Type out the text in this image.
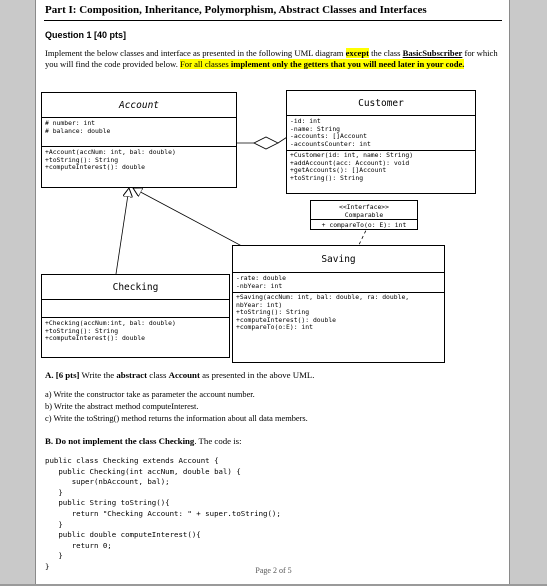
Part I: Composition, Inheritance, Polymorphism, Abstract Classes and Interfaces
Question 1 [40 pts]
Implement the below classes and interface as presented in the following UML diagram except the class BasicSubscriber for which you will find the code provided below. For all classes implement only the getters that you will need later in your code.
Account
# number: int
# balance: double
+Account(accNum: int, bal: double)
+toString(): String
+computeInterest(): double
Customer
-id: int
-name: String
-accounts: []Account
-accountsCounter: int
+Customer(id: int, name: String)
+addAccount(acc: Account): void
+getAccounts(): []Account
+toString(): String
<<Interface>>
Comparable
+ compareTo(o: E): int
Checking
+Checking(accNum:int, bal: double)
+toString(): String
+computeInterest(): double
Saving
-rate: double
-nbYear: int
+Saving(accNum: int, bal: double, ra: double,
nbYear: int)
+toString(): String
+computeInterest(): double
+compareTo(o:E): int
A. [6 pts] Write the abstract class Account as presented in the above UML.
a) Write the constructor take as parameter the account number.
b) Write the abstract method computeInterest.
c) Write the toString() method returns the information about all data members.
B. Do not implement the class Checking. The code is:
public class Checking extends Account {
public Checking(int accNum, double bal) {
super(nbAccount, bal);
}
public String toString(){
return "Checking Account: " + super.toString();
}
public double computeInterest(){
return 0;
}
}	Page 2 of 5
